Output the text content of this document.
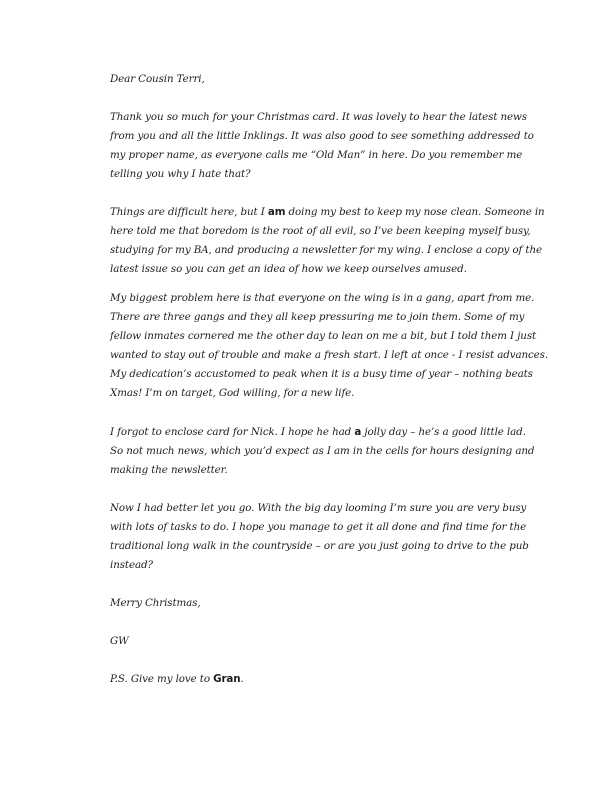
Dear Cousin Terri,

Thank you so much for your Christmas card. It was lovely to hear the latest news from you and all the little Inklings. It was also good to see something addressed to my proper name, as everyone calls me “Old Man” in here. Do you remember me telling you why I hate that?

Things are difficult here, but I am doing my best to keep my nose clean. Someone in here told me that boredom is the root of all evil, so I’ve been keeping myself busy, studying for my BA, and producing a newsletter for my wing. I enclose a copy of the latest issue so you can get an idea of how we keep ourselves amused.

My biggest problem here is that everyone on the wing is in a gang, apart from me. There are three gangs and they all keep pressuring me to join them. Some of my fellow inmates cornered me the other day to lean on me a bit, but I told them I just wanted to stay out of trouble and make a fresh start. I left at once - I resist advances. My dedication’s accustomed to peak when it is a busy time of year – nothing beats Xmas! I’m on target, God willing, for a new life.

I forgot to enclose card for Nick. I hope he had a jolly day – he’s a good little lad.
So not much news, which you’d expect as I am in the cells for hours designing and making the newsletter.

Now I had better let you go. With the big day looming I’m sure you are very busy with lots of tasks to do. I hope you manage to get it all done and find time for the traditional long walk in the countryside – or are you just going to drive to the pub instead?

Merry Christmas,

GW

P.S. Give my love to Gran.
